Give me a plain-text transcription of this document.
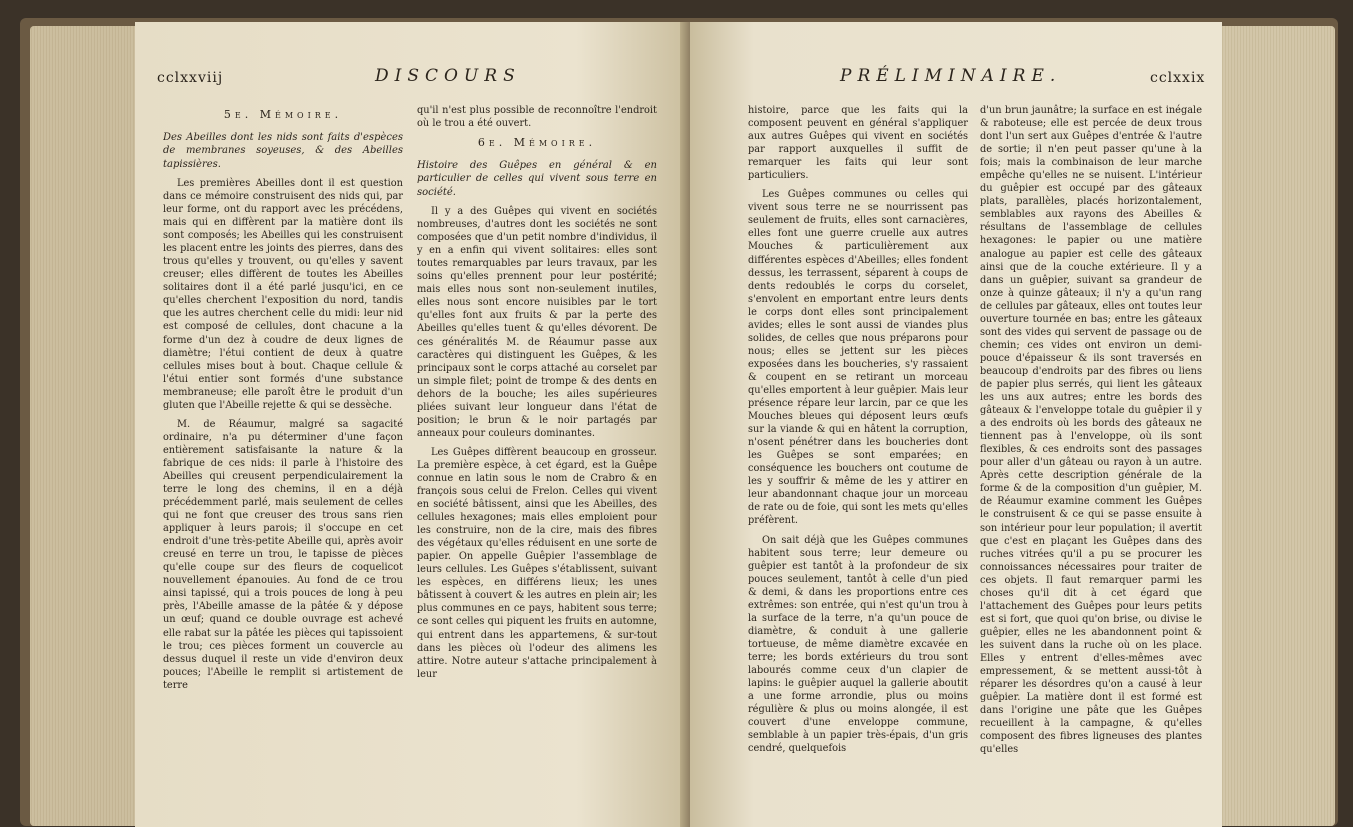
cclxxviij	DISCOURS
5e. Mémoire.

Des Abeilles dont les nids sont faits d'espèces de membranes soyeuses, & des Abeilles tapissières.

Les premières Abeilles dont il est question dans ce mémoire construisent des nids qui, par leur forme, ont du rapport avec les précédens, mais qui en diffèrent par la matière dont ils sont composés; les Abeilles qui les construisent les placent entre les joints des pierres, dans des trous qu'elles y trouvent, ou qu'elles y savent creuser; elles diffèrent de toutes les Abeilles solitaires dont il a été parlé jusqu'ici, en ce qu'elles cherchent l'exposition du nord, tandis que les autres cherchent celle du midi: leur nid est composé de cellules, dont chacune a la forme d'un dez à coudre de deux lignes de diamètre; l'étui contient de deux à quatre cellules mises bout à bout. Chaque cellule & l'étui entier sont formés d'une substance membraneuse; elle paroît être le produit d'un gluten que l'Abeille rejette & qui se dessèche.

M. de Réaumur, malgré sa sagacité ordinaire, n'a pu déterminer d'une façon entièrement satisfaisante la nature & la fabrique de ces nids: il parle à l'histoire des Abeilles qui creusent perpendiculairement la terre le long des chemins, il en a déjà précédemment parlé, mais seulement de celles qui ne font que creuser des trous sans rien appliquer à leurs parois; il s'occupe en cet endroit d'une très-petite Abeille qui, après avoir creusé en terre un trou, le tapisse de pièces qu'elle coupe sur des fleurs de coquelicot nouvellement épanouies. Au fond de ce trou ainsi tapissé, qui a trois pouces de long à peu près, l'Abeille amasse de la pâtée & y dépose un œuf; quand ce double ouvrage est achevé elle rabat sur la pâtée les pièces qui tapissoient le trou; ces pièces forment un couvercle au dessus duquel il reste un vide d'environ deux pouces; l'Abeille le remplit si artistement de terre

qu'il n'est plus possible de reconnoître l'endroit où le trou a été ouvert.

6e. Mémoire.

Histoire des Guêpes en général & en particulier de celles qui vivent sous terre en société.

Il y a des Guêpes qui vivent en sociétés nombreuses, d'autres dont les sociétés ne sont composées que d'un petit nombre d'individus, il y en a enfin qui vivent solitaires: elles sont toutes remarquables par leurs travaux, par les soins qu'elles prennent pour leur postérité; mais elles nous sont non-seulement inutiles, elles nous sont encore nuisibles par le tort qu'elles font aux fruits & par la perte des Abeilles qu'elles tuent & qu'elles dévorent. De ces généralités M. de Réaumur passe aux caractères qui distinguent les Guêpes, & les principaux sont le corps attaché au corselet par un simple filet; point de trompe & des dents en dehors de la bouche; les ailes supérieures pliées suivant leur longueur dans l'état de position; le brun & le noir partagés par anneaux pour couleurs dominantes.

Les Guêpes diffèrent beaucoup en grosseur. La première espèce, à cet égard, est la Guêpe connue en latin sous le nom de Crabro & en françois sous celui de Frelon. Celles qui vivent en société bâtissent, ainsi que les Abeilles, des cellules hexagones; mais elles emploient pour les construire, non de la cire, mais des fibres des végétaux qu'elles réduisent en une sorte de papier. On appelle Guêpier l'assemblage de leurs cellules. Les Guêpes s'établissent, suivant les espèces, en différens lieux; les unes bâtissent à couvert & les autres en plein air; les plus communes en ce pays, habitent sous terre; ce sont celles qui piquent les fruits en automne, qui entrent dans les appartemens, & sur-tout dans les pièces où l'odeur des alimens les attire. Notre auteur s'attache principalement à leur

PRÉLIMINAIRE.	cclxxix

histoire, parce que les faits qui la composent peuvent en général s'appliquer aux autres Guêpes qui vivent en sociétés par rapport auxquelles il suffit de remarquer les faits qui leur sont particuliers.

Les Guêpes communes ou celles qui vivent sous terre ne se nourrissent pas seulement de fruits, elles sont carnacières, elles font une guerre cruelle aux autres Mouches & particulièrement aux différentes espèces d'Abeilles; elles fondent dessus, les terrassent, séparent à coups de dents redoublés le corps du corselet, s'envolent en emportant entre leurs dents le corps dont elles sont principalement avides; elles le sont aussi de viandes plus solides, de celles que nous préparons pour nous; elles se jettent sur les pièces exposées dans les boucheries, s'y rassaient & coupent en se retirant un morceau qu'elles emportent à leur guêpier. Mais leur présence répare leur larcin, par ce que les Mouches bleues qui déposent leurs œufs sur la viande & qui en hâtent la corruption, n'osent pénétrer dans les boucheries dont les Guêpes se sont emparées; en conséquence les bouchers ont coutume de les y souffrir & même de les y attirer en leur abandonnant chaque jour un morceau de rate ou de foie, qui sont les mets qu'elles préfèrent.

On sait déjà que les Guêpes communes habitent sous terre; leur demeure ou guêpier est tantôt à la profondeur de six pouces seulement, tantôt à celle d'un pied & demi, & dans les proportions entre ces extrêmes: son entrée, qui n'est qu'un trou à la surface de la terre, n'a qu'un pouce de diamètre, & conduit à une gallerie tortueuse, de même diamètre excavée en terre; les bords extérieurs du trou sont labourés comme ceux d'un clapier de lapins: le guêpier auquel la gallerie aboutit a une forme arrondie, plus ou moins régulière & plus ou moins alongée, il est couvert d'une enveloppe commune, semblable à un papier très-épais, d'un gris cendré, quelquefois

d'un brun jaunâtre; la surface en est inégale & raboteuse; elle est percée de deux trous dont l'un sert aux Guêpes d'entrée & l'autre de sortie; il n'en peut passer qu'une à la fois; mais la combinaison de leur marche empêche qu'elles ne se nuisent. L'intérieur du guêpier est occupé par des gâteaux plats, parallèles, placés horizontalement, semblables aux rayons des Abeilles & résultans de l'assemblage de cellules hexagones: le papier ou une matière analogue au papier est celle des gâteaux ainsi que de la couche extérieure. Il y a dans un guêpier, suivant sa grandeur de onze à quinze gâteaux; il n'y a qu'un rang de cellules par gâteaux, elles ont toutes leur ouverture tournée en bas; entre les gâteaux sont des vides qui servent de passage ou de chemin; ces vides ont environ un demi-pouce d'épaisseur & ils sont traversés en beaucoup d'endroits par des fibres ou liens de papier plus serrés, qui lient les gâteaux les uns aux autres; entre les bords des gâteaux & l'enveloppe totale du guêpier il y a des endroits où les bords des gâteaux ne tiennent pas à l'enveloppe, où ils sont flexibles, & ces endroits sont des passages pour aller d'un gâteau ou rayon à un autre. Après cette description générale de la forme & de la composition d'un guêpier, M. de Réaumur examine comment les Guêpes le construisent & ce qui se passe ensuite à son intérieur pour leur population; il avertit que c'est en plaçant les Guêpes dans des ruches vitrées qu'il a pu se procurer les connoissances nécessaires pour traiter de ces objets. Il faut remarquer parmi les choses qu'il dit à cet égard que l'attachement des Guêpes pour leurs petits est si fort, que quoi qu'on brise, ou divise le guêpier, elles ne les abandonnent point & les suivent dans la ruche où on les place. Elles y entrent d'elles-mêmes avec empressement, & se mettent aussi-tôt à réparer les désordres qu'on a causé à leur guêpier. La matière dont il est formé est dans l'origine une pâte que les Guêpes recueillent à la campagne, & qu'elles composent des fibres ligneuses des plantes qu'elles
